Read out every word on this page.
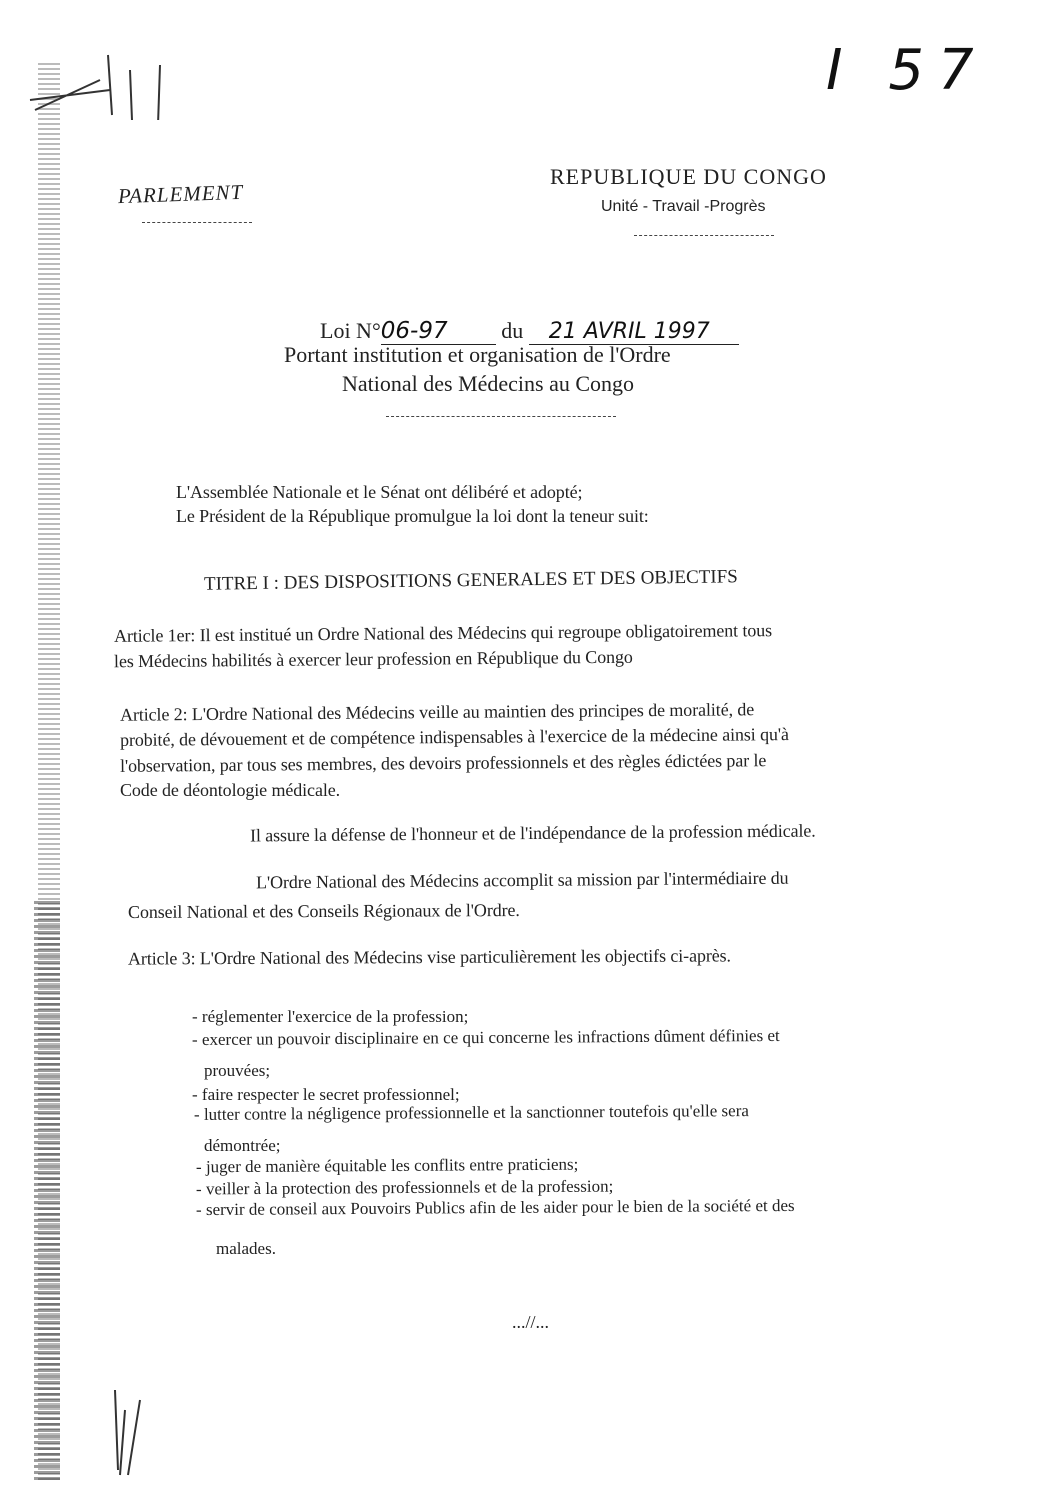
I 57
PARLEMENT
REPUBLIQUE DU CONGO
Unité - Travail -Progrès
Loi N°06-97 du 21 AVRIL 1997
Portant institution et organisation de l'Ordre
National des Médecins au Congo
L'Assemblée Nationale et le Sénat ont délibéré et adopté;
Le Président de la République promulgue la loi dont la teneur suit:
TITRE I : DES DISPOSITIONS GENERALES ET DES OBJECTIFS
Article 1er: Il est institué un Ordre National des Médecins qui regroupe obligatoirement tous
les Médecins habilités à exercer leur profession en République du Congo
Article 2: L'Ordre National des Médecins veille au maintien des principes de moralité, de
probité, de dévouement et de compétence indispensables à l'exercice de la médecine ainsi qu'à
l'observation, par tous ses membres, des devoirs professionnels et des règles édictées par le
Code de déontologie médicale.
Il assure la défense de l'honneur et de l'indépendance de la profession médicale.
L'Ordre National des Médecins accomplit sa mission par l'intermédiaire du
Conseil National et des Conseils Régionaux de l'Ordre.
Article 3: L'Ordre National des Médecins vise particulièrement les objectifs ci-après.
- réglementer l'exercice de la profession;
- exercer un pouvoir disciplinaire en ce qui concerne les infractions dûment définies et
prouvées;
- faire respecter le secret professionnel;
- lutter contre la négligence professionnelle et la sanctionner toutefois qu'elle sera
démontrée;
- juger de manière équitable les conflits entre praticiens;
- veiller à la protection des professionnels et de la profession;
- servir de conseil aux Pouvoirs Publics afin de les aider pour le bien de la société et des
malades.
...//...
